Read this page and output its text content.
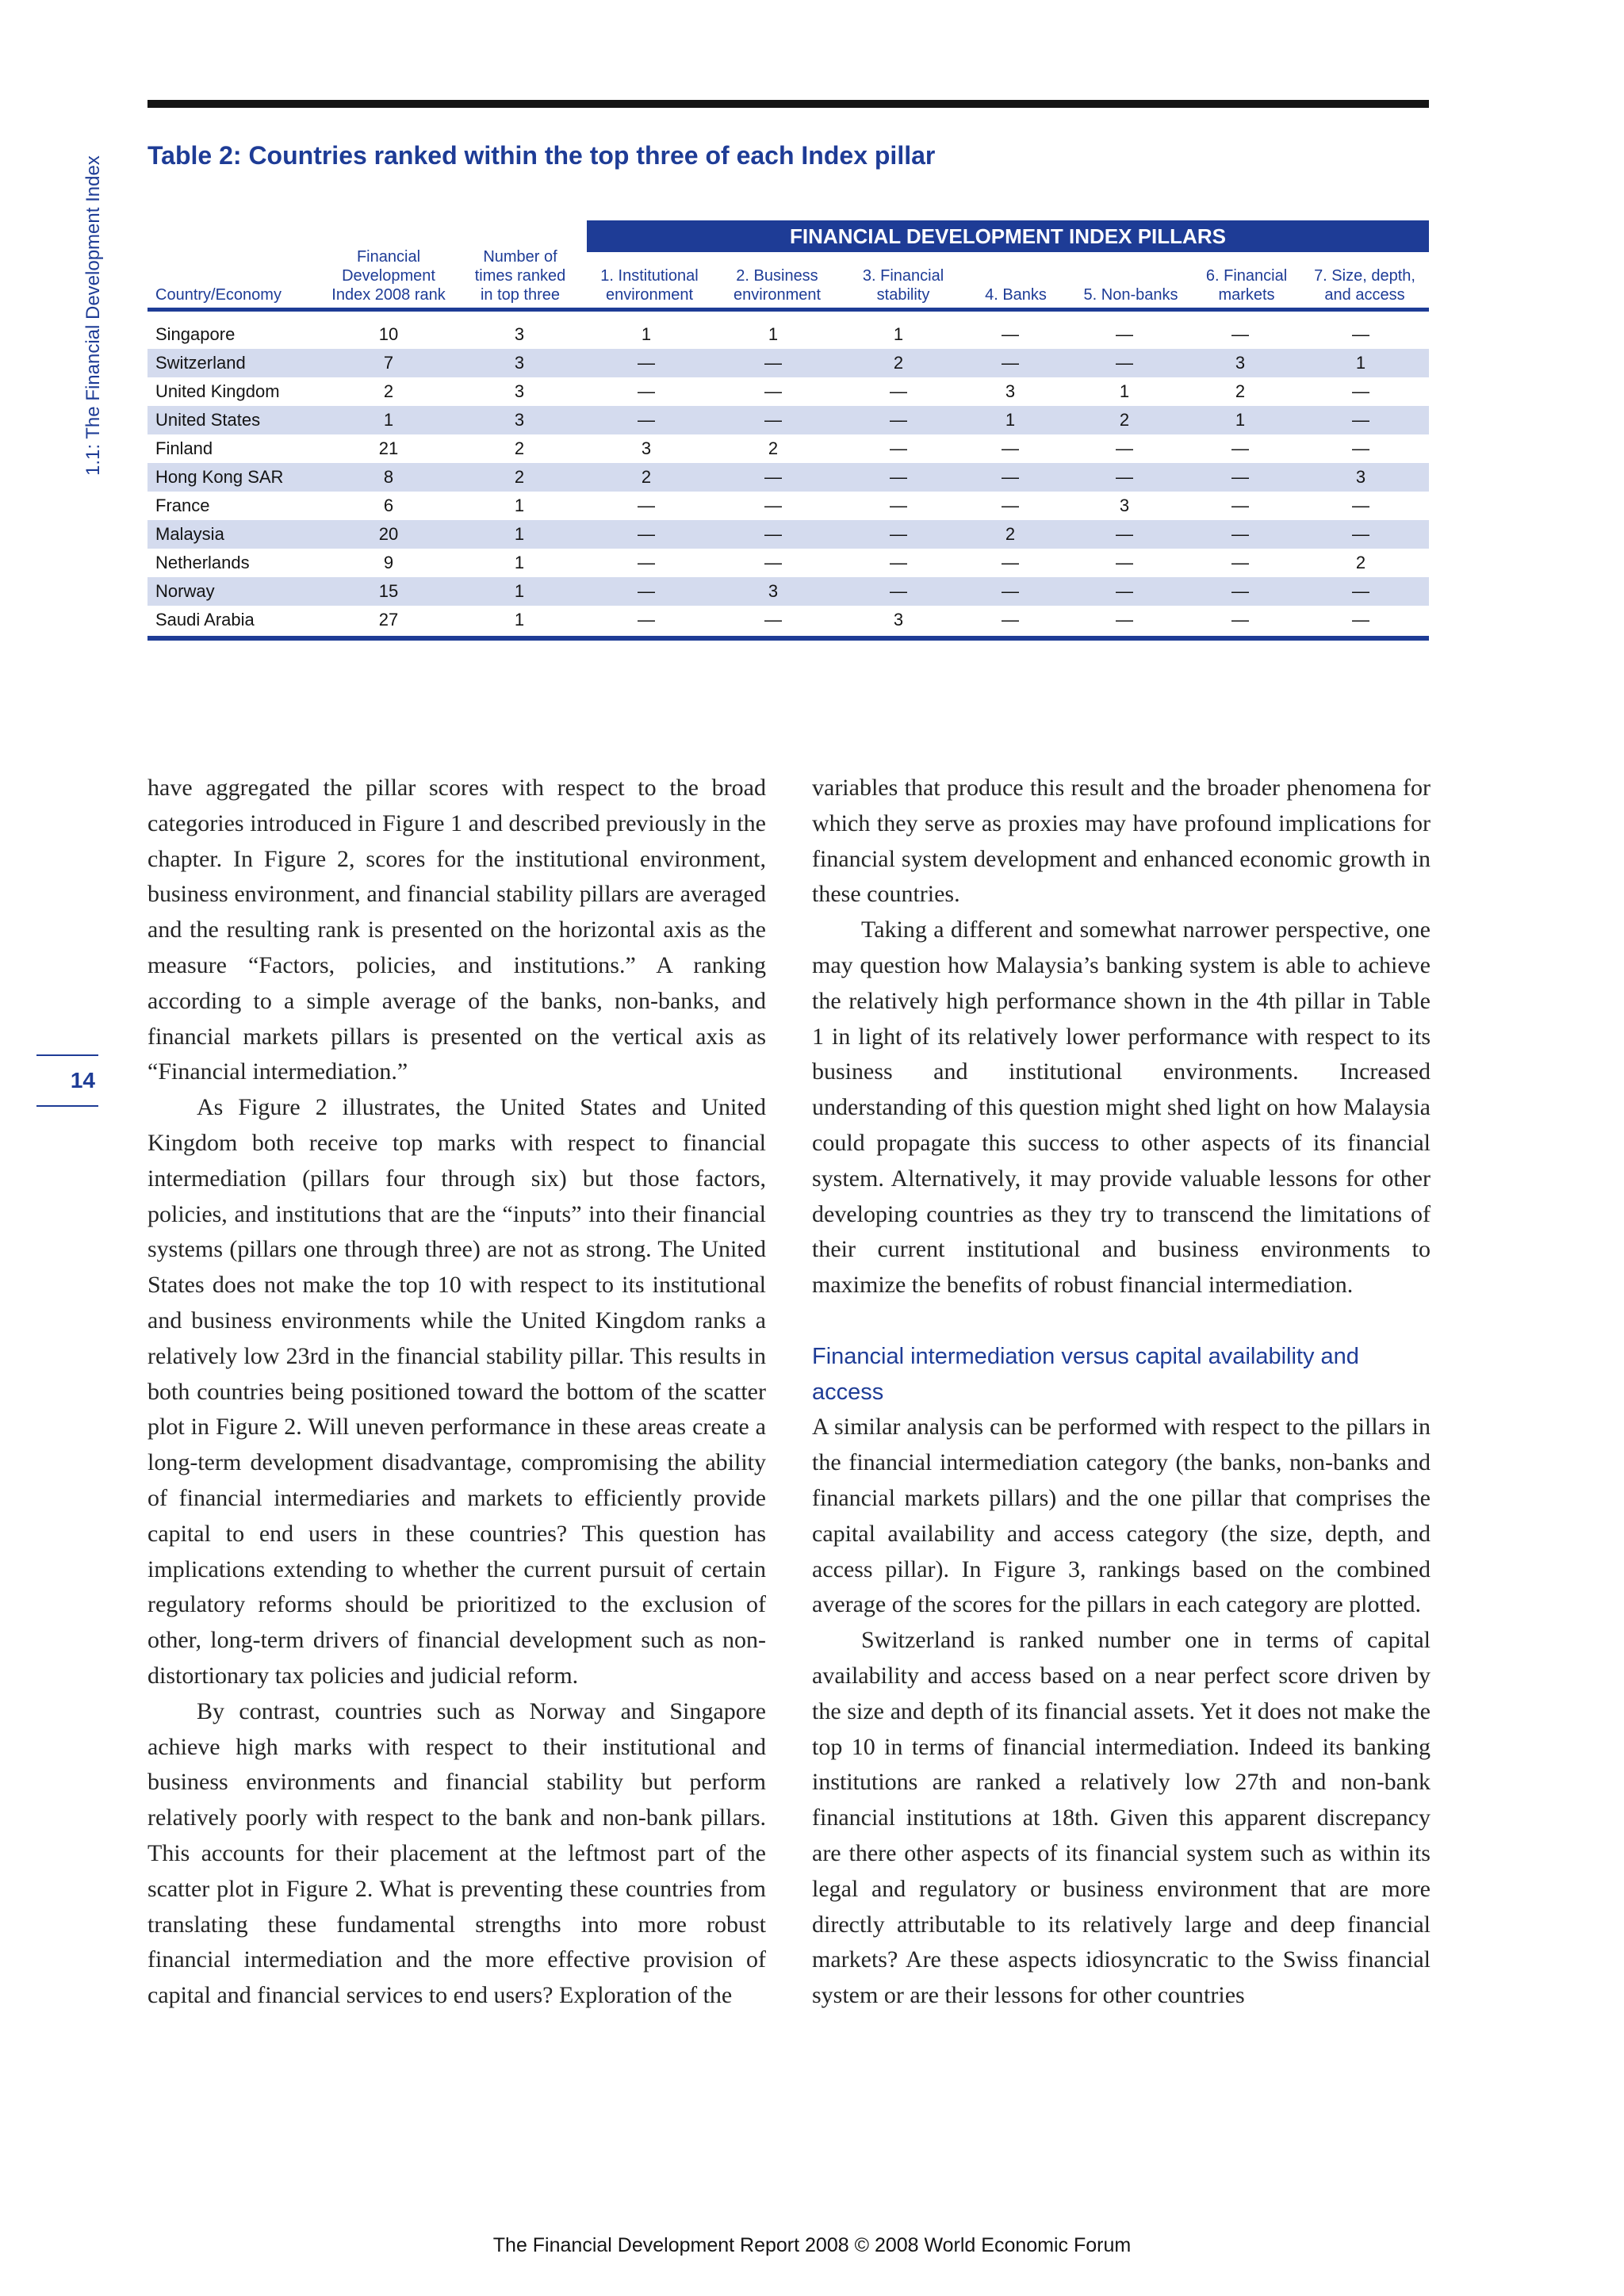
1.1: The Financial Development Index
14
Table 2: Countries ranked within the top three of each Index pillar
FINANCIAL DEVELOPMENT INDEX PILLARS
Country/Economy
Financial
Development
Index 2008 rank
Number of
times ranked
in top three
1. Institutional
environment
2. Business
environment
3. Financial
stability	4. Banks	5. Non-banks
6. Financial
markets
7. Size, depth,
and access
Singapore	10	3	1	1	1	—	—	—	—
Switzerland	7	3	—	—	2	—	—	3	1
United Kingdom	2	3	—	—	—	3	1	2	—
United States	1	3	—	—	—	1	2	1	—
Finland	21	2	3	2	—	—	—	—	—
Hong Kong SAR	8	2	2	—	—	—	—	—	3
France	6	1	—	—	—	—	3	—	—
Malaysia	20	1	—	—	—	2	—	—	—
Netherlands	9	1	—	—	—	—	—	—	2
Norway	15	1	—	3	—	—	—	—	—
Saudi Arabia	27	1	—	—	3	—	—	—	—

have aggregated the pillar scores with respect to the broad categories introduced in Figure 1 and described previously in the chapter. In Figure 2, scores for the institutional environment, business environment, and financial stability pillars are averaged and the resulting rank is presented on the horizontal axis as the measure “Factors, policies, and institutions.” A ranking according to a simple average of the banks, non-banks, and financial markets pillars is presented on the vertical axis as “Financial intermediation.”

As Figure 2 illustrates, the United States and United Kingdom both receive top marks with respect to financial intermediation (pillars four through six) but those factors, policies, and institutions that are the “inputs” into their financial systems (pillars one through three) are not as strong. The United States does not make the top 10 with respect to its institutional and business environments while the United Kingdom ranks a relatively low 23rd in the financial stability pillar. This results in both countries being positioned toward the bottom of the scatter plot in Figure 2. Will uneven performance in these areas create a long-term development disadvantage, compromising the ability of financial intermediaries and markets to efficiently provide capital to end users in these countries? This question has implications extending to whether the current pursuit of certain regulatory reforms should be prioritized to the exclusion of other, long-term drivers of financial development such as non-distortionary tax policies and judicial reform.

By contrast, countries such as Norway and Singapore achieve high marks with respect to their institutional and business environments and financial stability but perform relatively poorly with respect to the bank and non-bank pillars. This accounts for their placement at the leftmost part of the scatter plot in Figure 2. What is preventing these countries from translating these fundamental strengths into more robust financial intermediation and the more effective provision of capital and financial services to end users? Exploration of the

variables that produce this result and the broader phenomena for which they serve as proxies may have profound implications for financial system development and enhanced economic growth in these countries.

Taking a different and somewhat narrower perspective, one may question how Malaysia’s banking system is able to achieve the relatively high performance shown in the 4th pillar in Table 1 in light of its relatively lower performance with respect to its business and institutional environments. Increased understanding of this question might shed light on how Malaysia could propagate this success to other aspects of its financial system. Alternatively, it may provide valuable lessons for other developing countries as they try to transcend the limitations of their current institutional and business environments to maximize the benefits of robust financial intermediation.

Financial intermediation versus capital availability and access

A similar analysis can be performed with respect to the pillars in the financial intermediation category (the banks, non-banks and financial markets pillars) and the one pillar that comprises the capital availability and access category (the size, depth, and access pillar). In Figure 3, rankings based on the combined average of the scores for the pillars in each category are plotted.

Switzerland is ranked number one in terms of capital availability and access based on a near perfect score driven by the size and depth of its financial assets. Yet it does not make the top 10 in terms of financial intermediation. Indeed its banking institutions are ranked a relatively low 27th and non-bank financial institutions at 18th. Given this apparent discrepancy are there other aspects of its financial system such as within its legal and regulatory or business environment that are more directly attributable to its relatively large and deep financial markets? Are these aspects idiosyncratic to the Swiss financial system or are their lessons for other countries

The Financial Development Report 2008 © 2008 World Economic Forum
